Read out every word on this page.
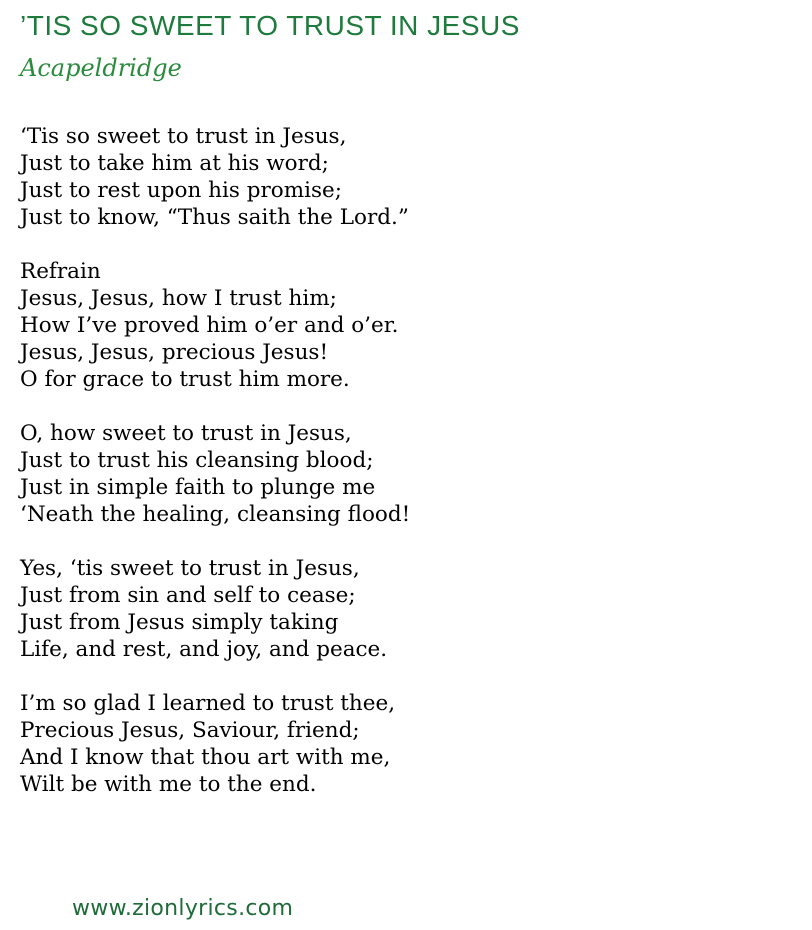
’TIS SO SWEET TO TRUST IN JESUS
Acapeldridge
‘Tis so sweet to trust in Jesus,
Just to take him at his word;
Just to rest upon his promise;
Just to know, “Thus saith the Lord.”
Refrain
Jesus, Jesus, how I trust him;
How I’ve proved him o’er and o’er.
Jesus, Jesus, precious Jesus!
O for grace to trust him more.
O, how sweet to trust in Jesus,
Just to trust his cleansing blood;
Just in simple faith to plunge me
‘Neath the healing, cleansing flood!
Yes, ‘tis sweet to trust in Jesus,
Just from sin and self to cease;
Just from Jesus simply taking
Life, and rest, and joy, and peace.
I’m so glad I learned to trust thee,
Precious Jesus, Saviour, friend;
And I know that thou art with me,
Wilt be with me to the end.
www.zionlyrics.com
